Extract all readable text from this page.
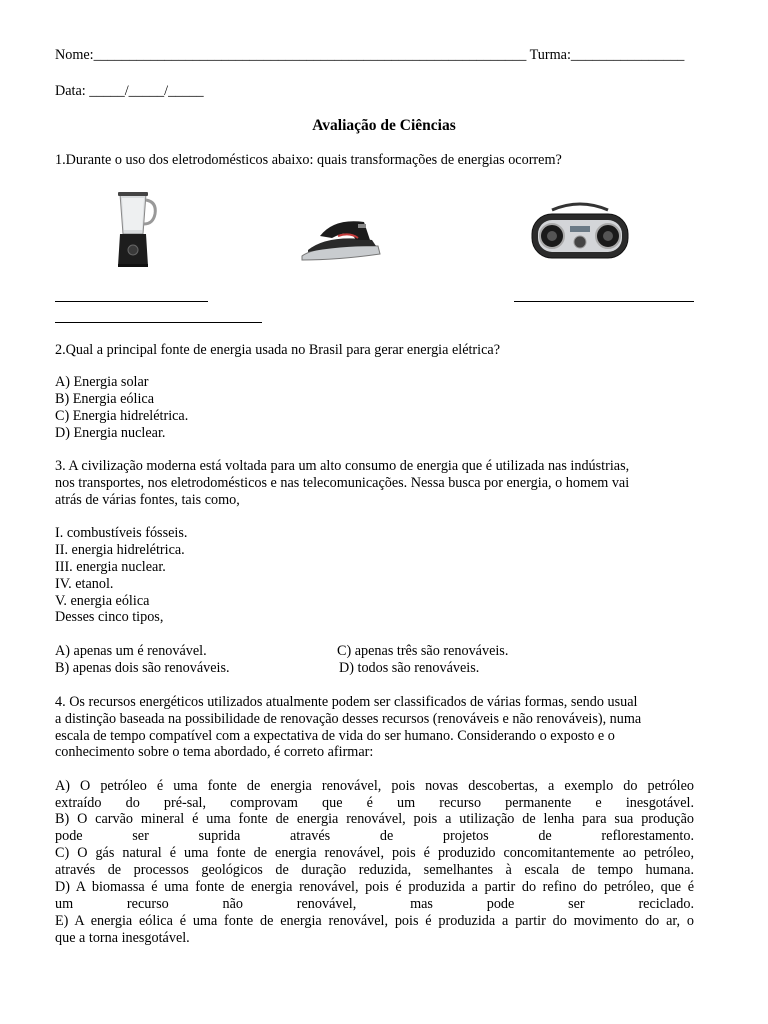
Nome:_____________________________________________________________ Turma:________________
Data: _____/_____/_____
Avaliação de Ciências
1.Durante o uso dos eletrodomésticos abaixo: quais transformações de energias ocorrem?
2.Qual a principal fonte de energia usada no Brasil para gerar energia elétrica?
A) Energia solar
B) Energia eólica
C) Energia hidrelétrica.
D) Energia nuclear.
3. A civilização moderna está voltada para um alto consumo de energia que é utilizada nas indústrias,
nos transportes, nos eletrodomésticos e nas telecomunicações. Nessa busca por energia, o homem vai
atrás de várias fontes, tais como,
I. combustíveis fósseis.
II. energia hidrelétrica.
III. energia nuclear.
IV. etanol.
V. energia eólica
Desses cinco tipos,
A) apenas um é renovável.	C) apenas três são renováveis.
B) apenas dois são renováveis.	D) todos são renováveis.
4. Os recursos energéticos utilizados atualmente podem ser classificados de várias formas, sendo usual
a distinção baseada na possibilidade de renovação desses recursos (renováveis e não renováveis), numa
escala de tempo compatível com a expectativa de vida do ser humano. Considerando o exposto e o
conhecimento sobre o tema abordado, é correto afirmar:
A) O petróleo é uma fonte de energia renovável, pois novas descobertas, a exemplo do petróleo
extraído do pré-sal, comprovam que é um recurso permanente e inesgotável.
B) O carvão mineral é uma fonte de energia renovável, pois a utilização de lenha para sua produção
pode ser suprida através de projetos de reflorestamento.
C) O gás natural é uma fonte de energia renovável, pois é produzido concomitantemente ao petróleo,
através de processos geológicos de duração reduzida, semelhantes à escala de tempo humana.
D) A biomassa é uma fonte de energia renovável, pois é produzida a partir do refino do petróleo, que é
um recurso não renovável, mas pode ser reciclado.
E) A energia eólica é uma fonte de energia renovável, pois é produzida a partir do movimento do ar, o
que a torna inesgotável.
